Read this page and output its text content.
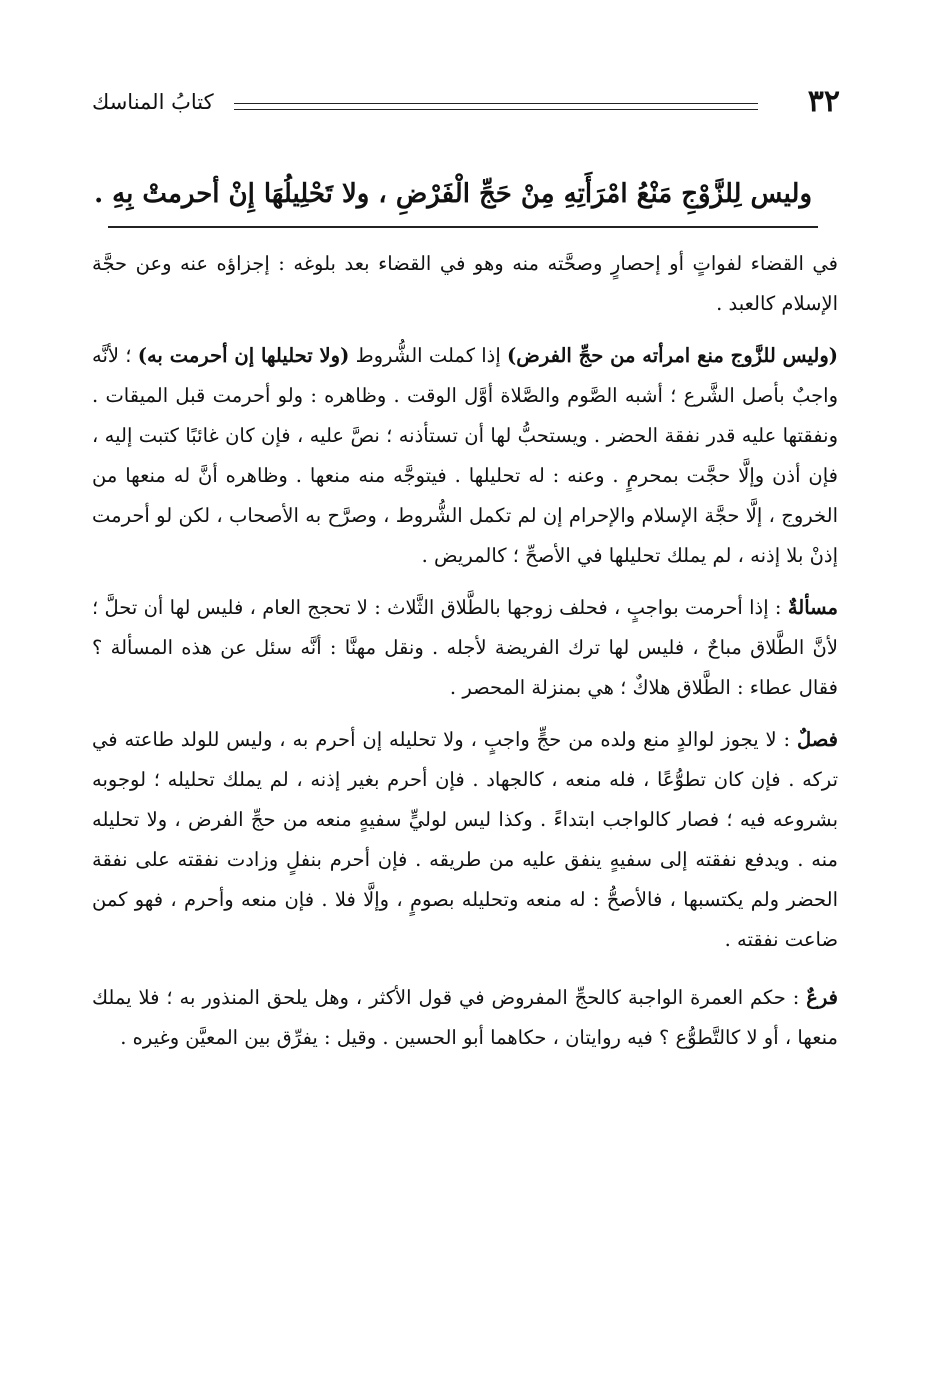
٣٢
كتابُ المناسك
وليس لِلزَّوْجِ مَنْعُ امْرَأَتِهِ مِنْ حَجِّ الْفَرْضِ ، ولا تَحْلِيلُهَا إِنْ أحرمتْ بِهِ .

في القضاء لفواتٍ أو إحصارٍ وصحَّته منه وهو في القضاء بعد بلوغه : إجزاؤه عنه وعن حجَّة الإسلام كالعبد .

(وليس للزَّوج منع امرأته من حجِّ الفرض) إذا كملت الشُّروط (ولا تحليلها إن أحرمت به) ؛ لأنَّه واجبٌ بأصل الشَّرع ؛ أشبه الصَّوم والصَّلاة أوَّل الوقت . وظاهره : ولو أحرمت قبل الميقات . ونفقتها عليه قدر نفقة الحضر . ويستحبُّ لها أن تستأذنه ؛ نصَّ عليه ، فإن كان غائبًا كتبت إليه ، فإن أذن وإلَّا حجَّت بمحرمٍ . وعنه : له تحليلها . فيتوجَّه منه منعها . وظاهره أنَّ له منعها من الخروج ، إلَّا حجَّة الإسلام والإحرام إن لم تكمل الشُّروط ، وصرَّح به الأصحاب ، لكن لو أحرمت إذنْ بلا إذنه ، لم يملك تحليلها في الأصحِّ ؛ كالمريض .

مسألةٌ : إذا أحرمت بواجبٍ ، فحلف زوجها بالطَّلاق الثَّلاث : لا تحجج العام ، فليس لها أن تحلَّ ؛ لأنَّ الطَّلاق مباحٌ ، فليس لها ترك الفريضة لأجله . ونقل مهنَّا : أنَّه سئل عن هذه المسألة ؟ فقال عطاء : الطَّلاق هلاكٌ ؛ هي بمنزلة المحصر .

فصلٌ : لا يجوز لوالدٍ منع ولده من حجٍّ واجبٍ ، ولا تحليله إن أحرم به ، وليس للولد طاعته في تركه . فإن كان تطوُّعًا ، فله منعه ، كالجهاد . فإن أحرم بغير إذنه ، لم يملك تحليله ؛ لوجوبه بشروعه فيه ؛ فصار كالواجب ابتداءً . وكذا ليس لوليٍّ سفيهٍ منعه من حجِّ الفرض ، ولا تحليله منه . ويدفع نفقته إلى سفيهٍ ينفق عليه من طريقه . فإن أحرم بنفلٍ وزادت نفقته على نفقة الحضر ولم يكتسبها ، فالأصحُّ : له منعه وتحليله بصومٍ ، وإلَّا فلا . فإن منعه وأحرم ، فهو كمن ضاعت نفقته .

فرعٌ : حكم العمرة الواجبة كالحجِّ المفروض في قول الأكثر ، وهل يلحق المنذور به ؛ فلا يملك منعها ، أو لا كالتَّطوُّع ؟ فيه روايتان ، حكاهما أبو الحسين . وقيل : يفرِّق بين المعيَّن وغيره .
